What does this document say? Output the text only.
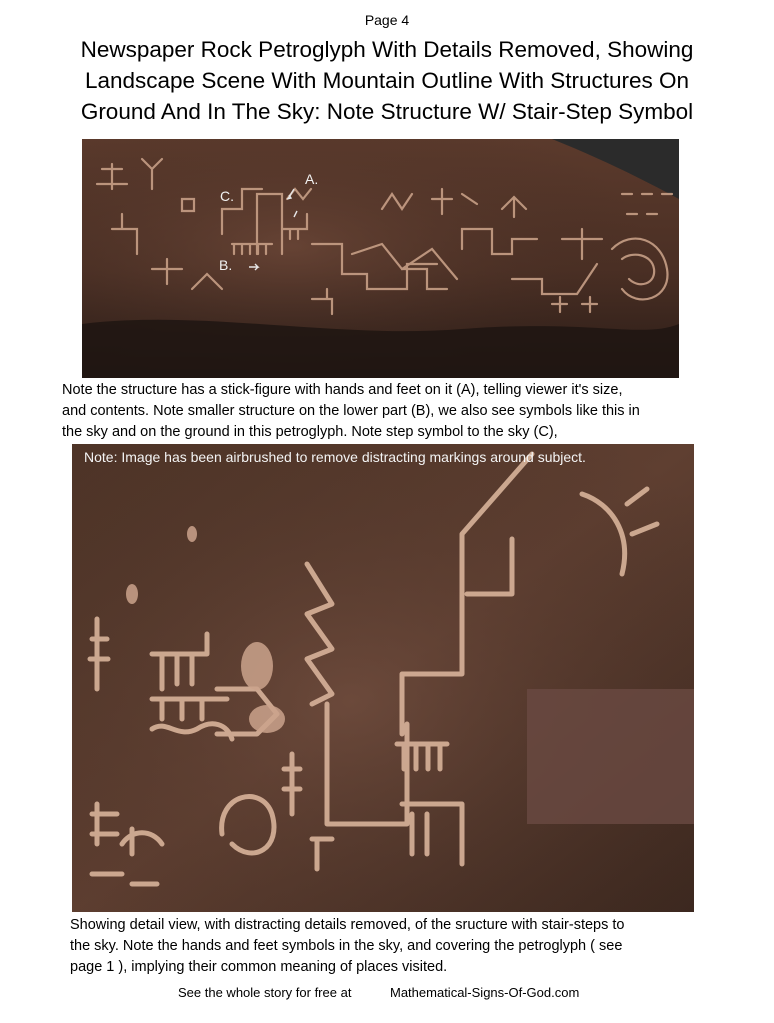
Page 4
Newspaper Rock Petroglyph With Details Removed, Showing
Landscape Scene With Mountain Outline With Structures On
Ground And In The Sky: Note Structure W/ Stair-Step Symbol
A.
B.
C.
Note the structure has a stick-figure with hands and feet on it (A), telling viewer it's size,
and contents. Note smaller structure on the lower part (B), we also see symbols like this in
the sky and on the ground in this petroglyph. Note step symbol to the sky (C),
Note: Image has been airbrushed to remove distracting markings around subject.
Showing detail view, with distracting details removed, of the sructure with stair-steps to
the sky. Note the hands and feet symbols in the sky, and covering the petroglyph ( see
page 1 ), implying their common meaning of places visited.
See the whole story for free at	Mathematical-Signs-Of-God.com
